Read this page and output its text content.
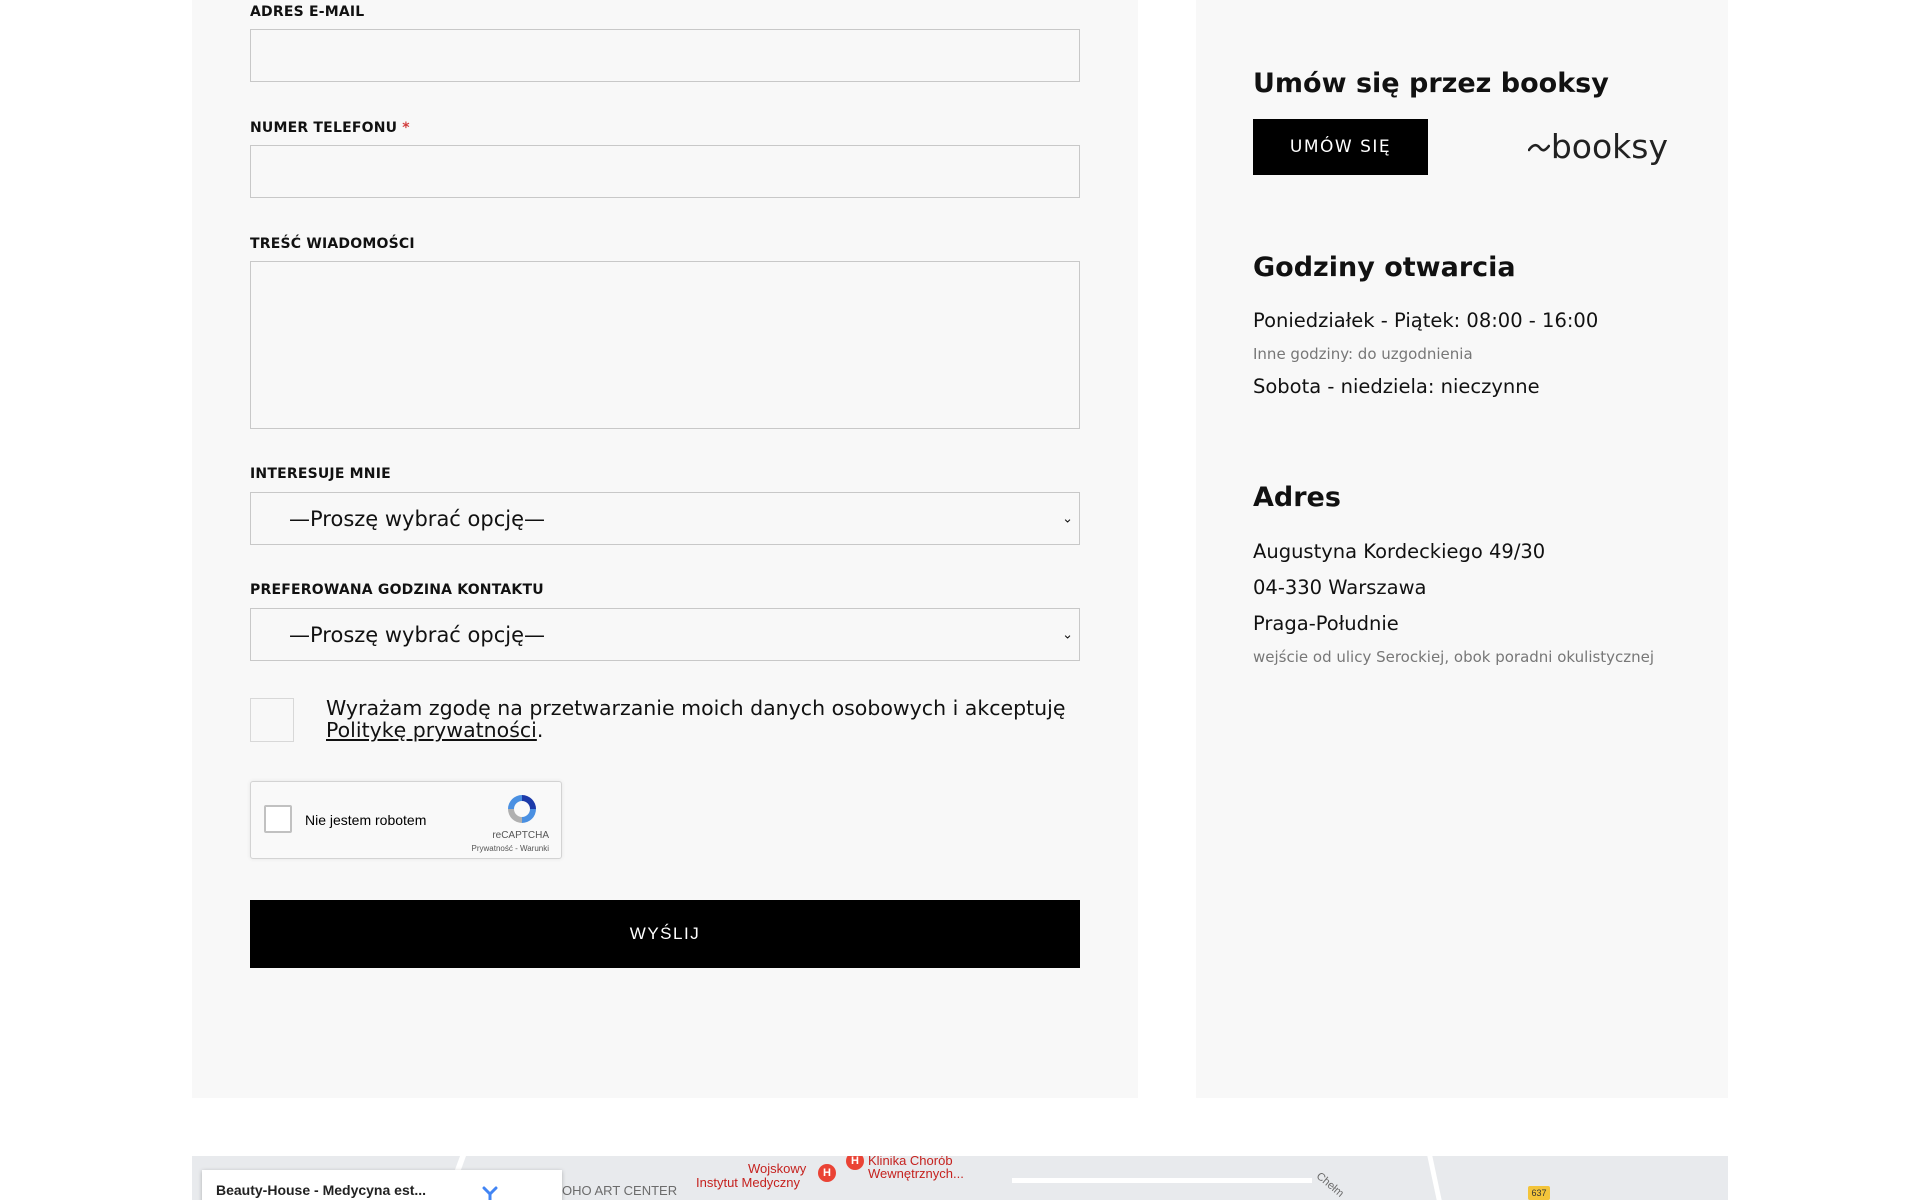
ADRES E-MAIL
NUMER TELEFONU *
TREŚĆ WIADOMOŚCI
INTERESUJE MNIE
—Proszę wybrać opcję—	⌄
PREFEROWANA GODZINA KONTAKTU
—Proszę wybrać opcję—	⌄
Wyrażam zgodę na przetwarzanie moich danych osobowych i akceptuję
Politykę prywatności.
Nie jestem robotem
reCAPTCHA
Prywatność - Warunki
WYŚLIJ
Umów się przez booksy
UMÓW SIĘ	booksy
Godziny otwarcia
Poniedziałek - Piątek: 08:00 - 16:00
Inne godziny: do uzgodnienia
Sobota - niedziela: nieczynne
Adres
Augustyna Kordeckiego 49/30
04-330 Warszawa
Praga-Południe
wejście od ulicy Serockiej, obok poradni okulistycznej
OHO ART CENTER
Wojskowy
Instytut Medyczny
H
H Klinika Chorób
Wewnętrznych...	Chełm	637
Beauty-House - Medycyna est...
